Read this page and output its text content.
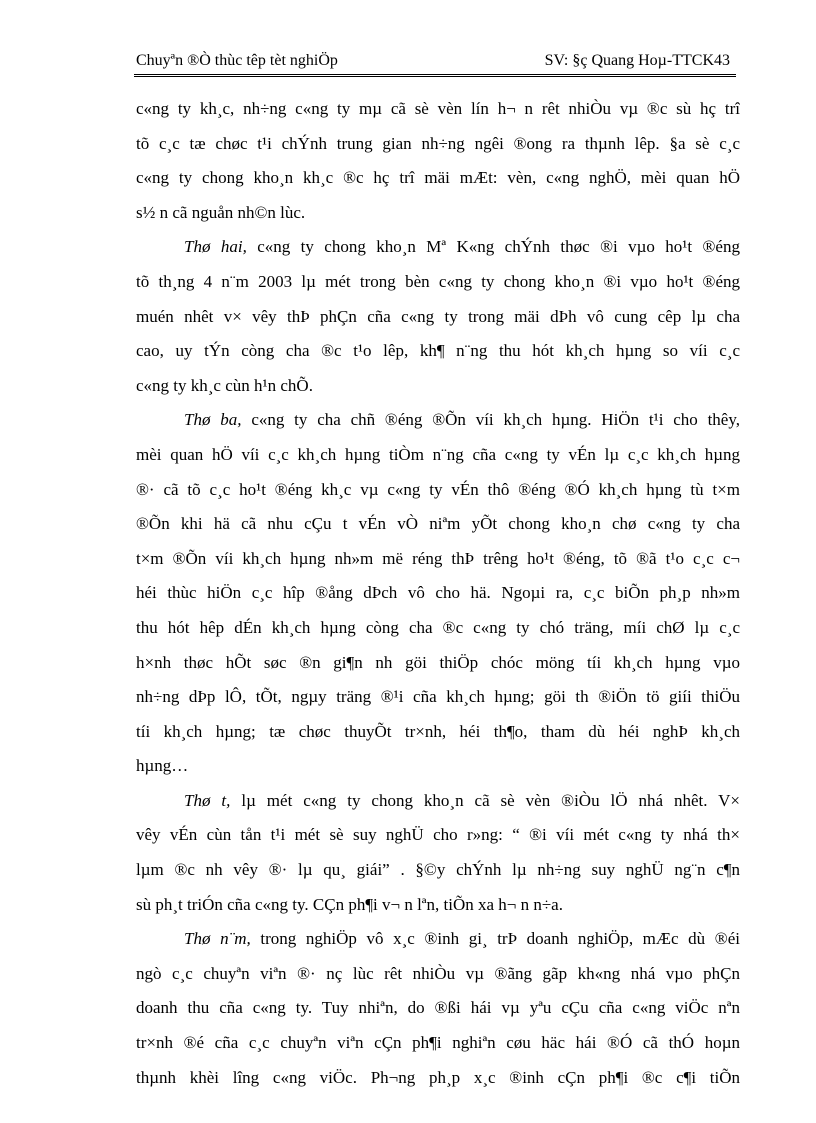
Chuyªn ®Ò thùc têp tèt nghiÖp	SV: §ç Quang Hoµ-TTCK43
c«ng ty kh¸c, nh÷ng c«ng ty mµ cã sè vèn lín h¬ n rêt nhiÒu vµ ®c sù hç trî
tõ c¸c tæ chøc t¹i chÝnh trung gian nh÷ng ngêi ®ong ra thµnh lêp. §a sè c¸c
c«ng ty chong kho¸n kh¸c ®c hç trî mäi mÆt: vèn, c«ng nghÖ, mèi quan hÖ
s½ n cã nguån nh©n lùc.
Thø hai, c«ng ty chong kho¸n Mª K«ng chÝnh thøc ®i vµo ho¹t ®éng
tõ th¸ng 4 n¨m 2003 lµ mét trong bèn c«ng ty chong kho¸n ®i vµo ho¹t ®éng
muén nhêt v× vêy thÞ phÇn cña c«ng ty trong mäi dÞh vô cung cêp lµ cha
cao, uy tÝn còng cha ®c t¹o lêp, kh¶ n¨ng thu hót kh¸ch hµng so víi c¸c
c«ng ty kh¸c cùn h¹n chÕ.
Thø ba, c«ng ty cha chñ ®éng ®Õn víi kh¸ch hµng. HiÖn t¹i cho thêy,
mèi quan hÖ víi c¸c kh¸ch hµng tiÒm n¨ng cña c«ng ty vÉn lµ c¸c kh¸ch hµng
®· cã tõ c¸c ho¹t ®éng kh¸c vµ c«ng ty vÉn thô ®éng ®Ó kh¸ch hµng tù t×m
®Õn khi hä cã nhu cÇu t vÉn vÒ niªm yÕt chong kho¸n chø c«ng ty cha
t×m ®Õn víi kh¸ch hµng nh»m më réng thÞ trêng ho¹t ®éng, tõ ®ã t¹o c¸c c¬
héi thùc hiÖn c¸c hîp ®ång dÞch vô cho hä. Ngoµi ra, c¸c biÕn ph¸p nh»m
thu hót hêp dÉn kh¸ch hµng còng cha ®c c«ng ty chó träng, míi chØ lµ c¸c
h×nh thøc hÕt søc ®n gi¶n nh göi thiÖp chóc möng tíi kh¸ch hµng vµo
nh÷ng dÞp lÔ, tÕt, ngµy träng ®¹i cña kh¸ch hµng; göi th ®iÖn tö giíi thiÖu
tíi kh¸ch hµng; tæ chøc thuyÕt tr×nh, héi th¶o, tham dù héi nghÞ kh¸ch
hµng…
Thø t, lµ mét c«ng ty chong kho¸n cã sè vèn ®iÒu lÖ nhá nhêt. V×
vêy vÉn cùn tån t¹i mét sè suy nghÜ cho r»ng: “ ®i víi mét c«ng ty nhá th×
lµm ®c nh vêy ®· lµ qu¸ giái” . §©y chÝnh lµ nh÷ng suy nghÜ ng¨n c¶n
sù ph¸t triÓn cña c«ng ty. CÇn ph¶i v¬ n lªn, tiÕn xa h¬ n n÷a.
Thø n¨m, trong nghiÖp vô x¸c ®inh gi¸ trÞ doanh nghiÖp, mÆc dù ®éi
ngò c¸c chuyªn viªn ®· nç lùc rêt nhiÒu vµ ®ãng gãp kh«ng nhá vµo phÇn
doanh thu cña c«ng ty. Tuy nhiªn, do ®ßi hái vµ yªu cÇu cña c«ng viÖc nªn
tr×nh ®é cña c¸c chuyªn viªn cÇn ph¶i nghiªn cøu häc hái ®Ó cã thÓ hoµn
thµnh khèi lîng c«ng viÖc. Ph¬ng ph¸p x¸c ®inh cÇn ph¶i ®c c¶i tiÕn
